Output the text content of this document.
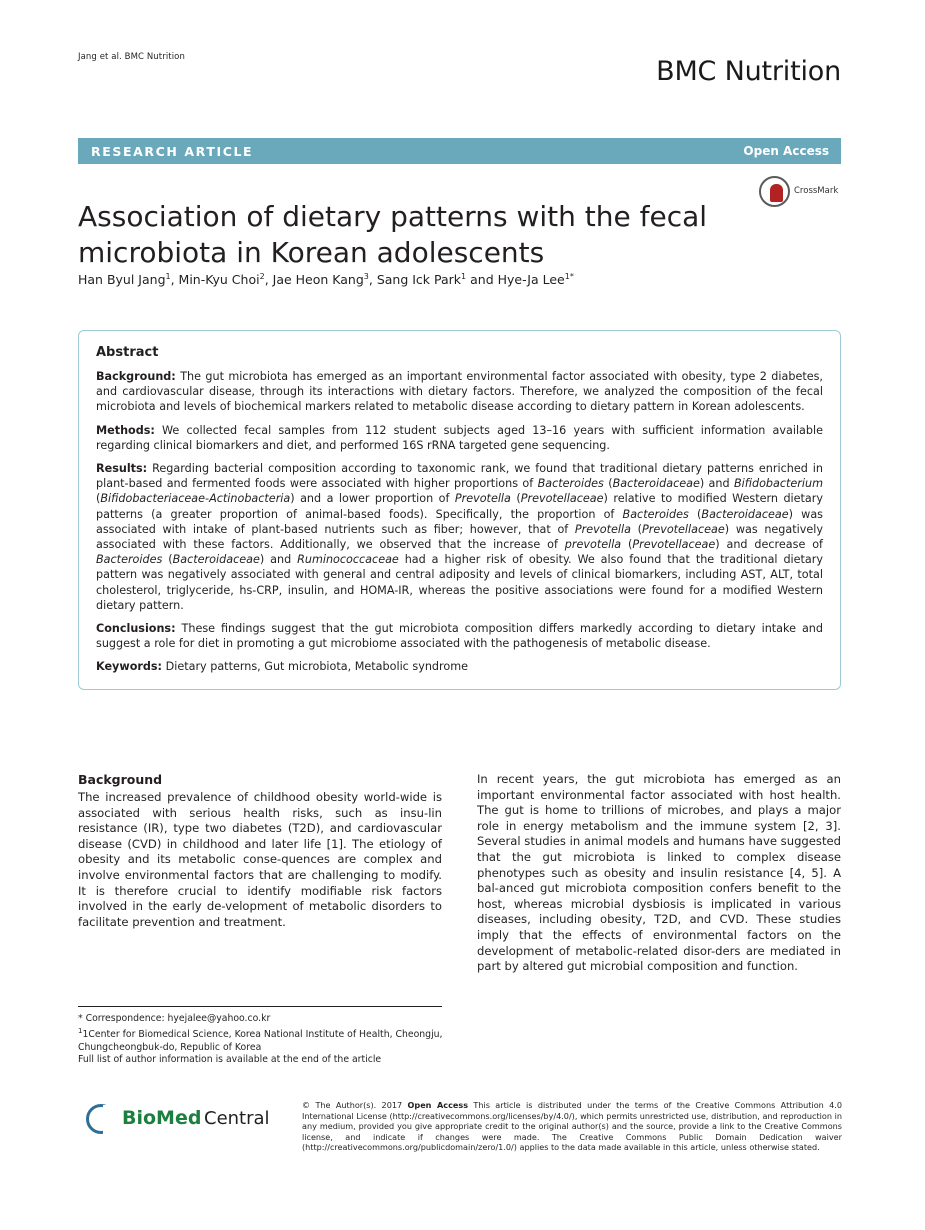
Jang et al. BMC Nutrition	BMC Nutrition
RESEARCH ARTICLE	Open Access
CrossMark
Association of dietary patterns with the fecal microbiota in Korean adolescents
Han Byul Jang$^1$, Min-Kyu Choi$^2$, Jae Heon Kang$^3$, Sang Ick Park$^1$ and Hye-Ja Lee$^{1*}$
Abstract

Background: The gut microbiota has emerged as an important environmental factor associated with obesity, type 2 diabetes, and cardiovascular disease, through its interactions with dietary factors. Therefore, we analyzed the composition of the fecal microbiota and levels of biochemical markers related to metabolic disease according to dietary pattern in Korean adolescents.

Methods: We collected fecal samples from 112 student subjects aged 13–16 years with sufficient information available regarding clinical biomarkers and diet, and performed 16S rRNA targeted gene sequencing.

Results: Regarding bacterial composition according to taxonomic rank, we found that traditional dietary patterns enriched in plant-based and fermented foods were associated with higher proportions of Bacteroides (Bacteroidaceae) and Bifidobacterium (Bifidobacteriaceae-Actinobacteria) and a lower proportion of Prevotella (Prevotellaceae) relative to modified Western dietary patterns (a greater proportion of animal-based foods). Specifically, the proportion of Bacteroides (Bacteroidaceae) was associated with intake of plant-based nutrients such as fiber; however, that of Prevotella (Prevotellaceae) was negatively associated with these factors. Additionally, we observed that the increase of prevotella (Prevotellaceae) and decrease of Bacteroides (Bacteroidaceae) and Ruminococcaceae had a higher risk of obesity. We also found that the traditional dietary pattern was negatively associated with general and central adiposity and levels of clinical biomarkers, including AST, ALT, total cholesterol, triglyceride, hs-CRP, insulin, and HOMA-IR, whereas the positive associations were found for a modified Western dietary pattern.

Conclusions: These findings suggest that the gut microbiota composition differs markedly according to dietary intake and suggest a role for diet in promoting a gut microbiome associated with the pathogenesis of metabolic disease.

Keywords: Dietary patterns, Gut microbiota, Metabolic syndrome

Background

The increased prevalence of childhood obesity world-wide is associated with serious health risks, such as insu-lin resistance (IR), type two diabetes (T2D), and cardiovascular disease (CVD) in childhood and later life [1]. The etiology of obesity and its metabolic conse-quences are complex and involve environmental factors that are challenging to modify. It is therefore crucial to identify modifiable risk factors involved in the early de-velopment of metabolic disorders to facilitate prevention and treatment.

In recent years, the gut microbiota has emerged as an important environmental factor associated with host health. The gut is home to trillions of microbes, and plays a major role in energy metabolism and the immune system [2, 3]. Several studies in animal models and humans have suggested that the gut microbiota is linked to complex disease phenotypes such as obesity and insulin resistance [4, 5]. A bal-anced gut microbiota composition confers benefit to the host, whereas microbial dysbiosis is implicated in various diseases, including obesity, T2D, and CVD. These studies imply that the effects of environmental factors on the development of metabolic-related disor-ders are mediated in part by altered gut microbial composition and function.

* Correspondence: hyejalee@yahoo.co.kr
$^1$1Center for Biomedical Science, Korea National Institute of Health, Cheongju, Chungcheongbuk-do, Republic of Korea
Full list of author information is available at the end of the article
BioMed Central
© The Author(s). 2017 Open Access This article is distributed under the terms of the Creative Commons Attribution 4.0 International License (http://creativecommons.org/licenses/by/4.0/), which permits unrestricted use, distribution, and reproduction in any medium, provided you give appropriate credit to the original author(s) and the source, provide a link to the Creative Commons license, and indicate if changes were made. The Creative Commons Public Domain Dedication waiver (http://creativecommons.org/publicdomain/zero/1.0/) applies to the data made available in this article, unless otherwise stated.
